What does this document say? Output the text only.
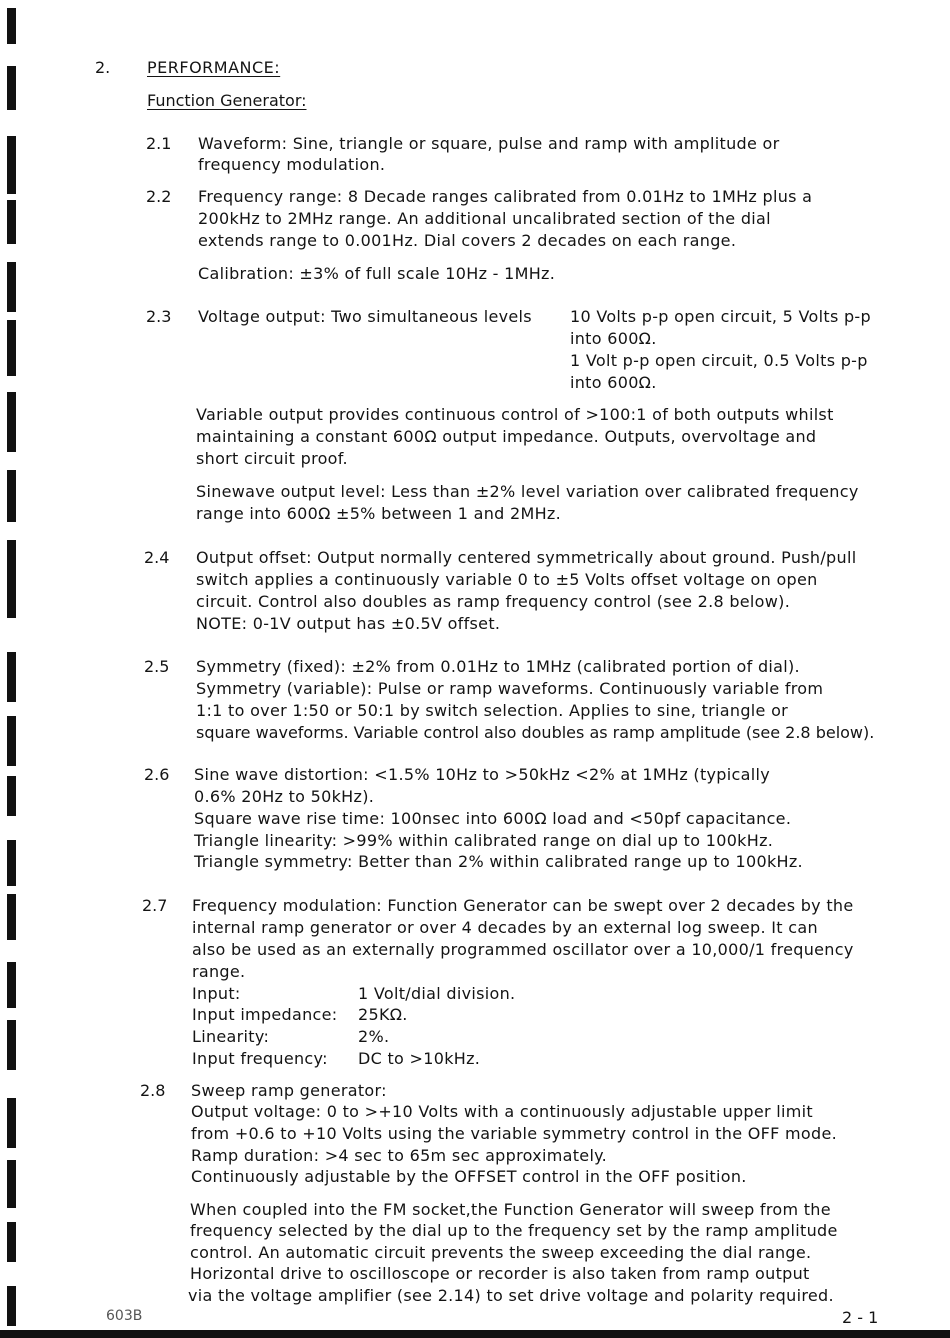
2. PERFORMANCE:
Function Generator:
2.1 Waveform: Sine, triangle or square, pulse and ramp with amplitude or
frequency modulation.
2.2 Frequency range: 8 Decade ranges calibrated from 0.01Hz to 1MHz plus a
200kHz to 2MHz range. An additional uncalibrated section of the dial
extends range to 0.001Hz. Dial covers 2 decades on each range.
Calibration: ±3% of full scale 10Hz - 1MHz.
2.3 Voltage output: Two simultaneous levels 10 Volts p-p open circuit, 5 Volts p-p
into 600Ω.
1 Volt p-p open circuit, 0.5 Volts p-p
into 600Ω.
Variable output provides continuous control of >100:1 of both outputs whilst
maintaining a constant 600Ω output impedance. Outputs, overvoltage and
short circuit proof.
Sinewave output level: Less than ±2% level variation over calibrated frequency
range into 600Ω ±5% between 1 and 2MHz.
2.4 Output offset: Output normally centered symmetrically about ground. Push/pull
switch applies a continuously variable 0 to ±5 Volts offset voltage on open
circuit. Control also doubles as ramp frequency control (see 2.8 below).
NOTE: 0-1V output has ±0.5V offset.
2.5 Symmetry (fixed): ±2% from 0.01Hz to 1MHz (calibrated portion of dial).
Symmetry (variable): Pulse or ramp waveforms. Continuously variable from
1:1 to over 1:50 or 50:1 by switch selection. Applies to sine, triangle or
square waveforms. Variable control also doubles as ramp amplitude (see 2.8 below).
2.6 Sine wave distortion: <1.5% 10Hz to >50kHz <2% at 1MHz (typically
0.6% 20Hz to 50kHz).
Square wave rise time: 100nsec into 600Ω load and <50pf capacitance.
Triangle linearity: >99% within calibrated range on dial up to 100kHz.
Triangle symmetry: Better than 2% within calibrated range up to 100kHz.
2.7 Frequency modulation: Function Generator can be swept over 2 decades by the
internal ramp generator or over 4 decades by an external log sweep. It can
also be used as an externally programmed oscillator over a 10,000/1 frequency
range.
Input:	1 Volt/dial division.
Input impedance: 25KΩ.
Linearity:	2%.
Input frequency: DC to >10kHz.
2.8 Sweep ramp generator:
Output voltage: 0 to >+10 Volts with a continuously adjustable upper limit
from +0.6 to +10 Volts using the variable symmetry control in the OFF mode.
Ramp duration: >4 sec to 65m sec approximately.
Continuously adjustable by the OFFSET control in the OFF position.
When coupled into the FM socket,the Function Generator will sweep from the
frequency selected by the dial up to the frequency set by the ramp amplitude
control. An automatic circuit prevents the sweep exceeding the dial range.
Horizontal drive to oscilloscope or recorder is also taken from ramp output
via the voltage amplifier (see 2.14) to set drive voltage and polarity required.
603B	2 - 1
